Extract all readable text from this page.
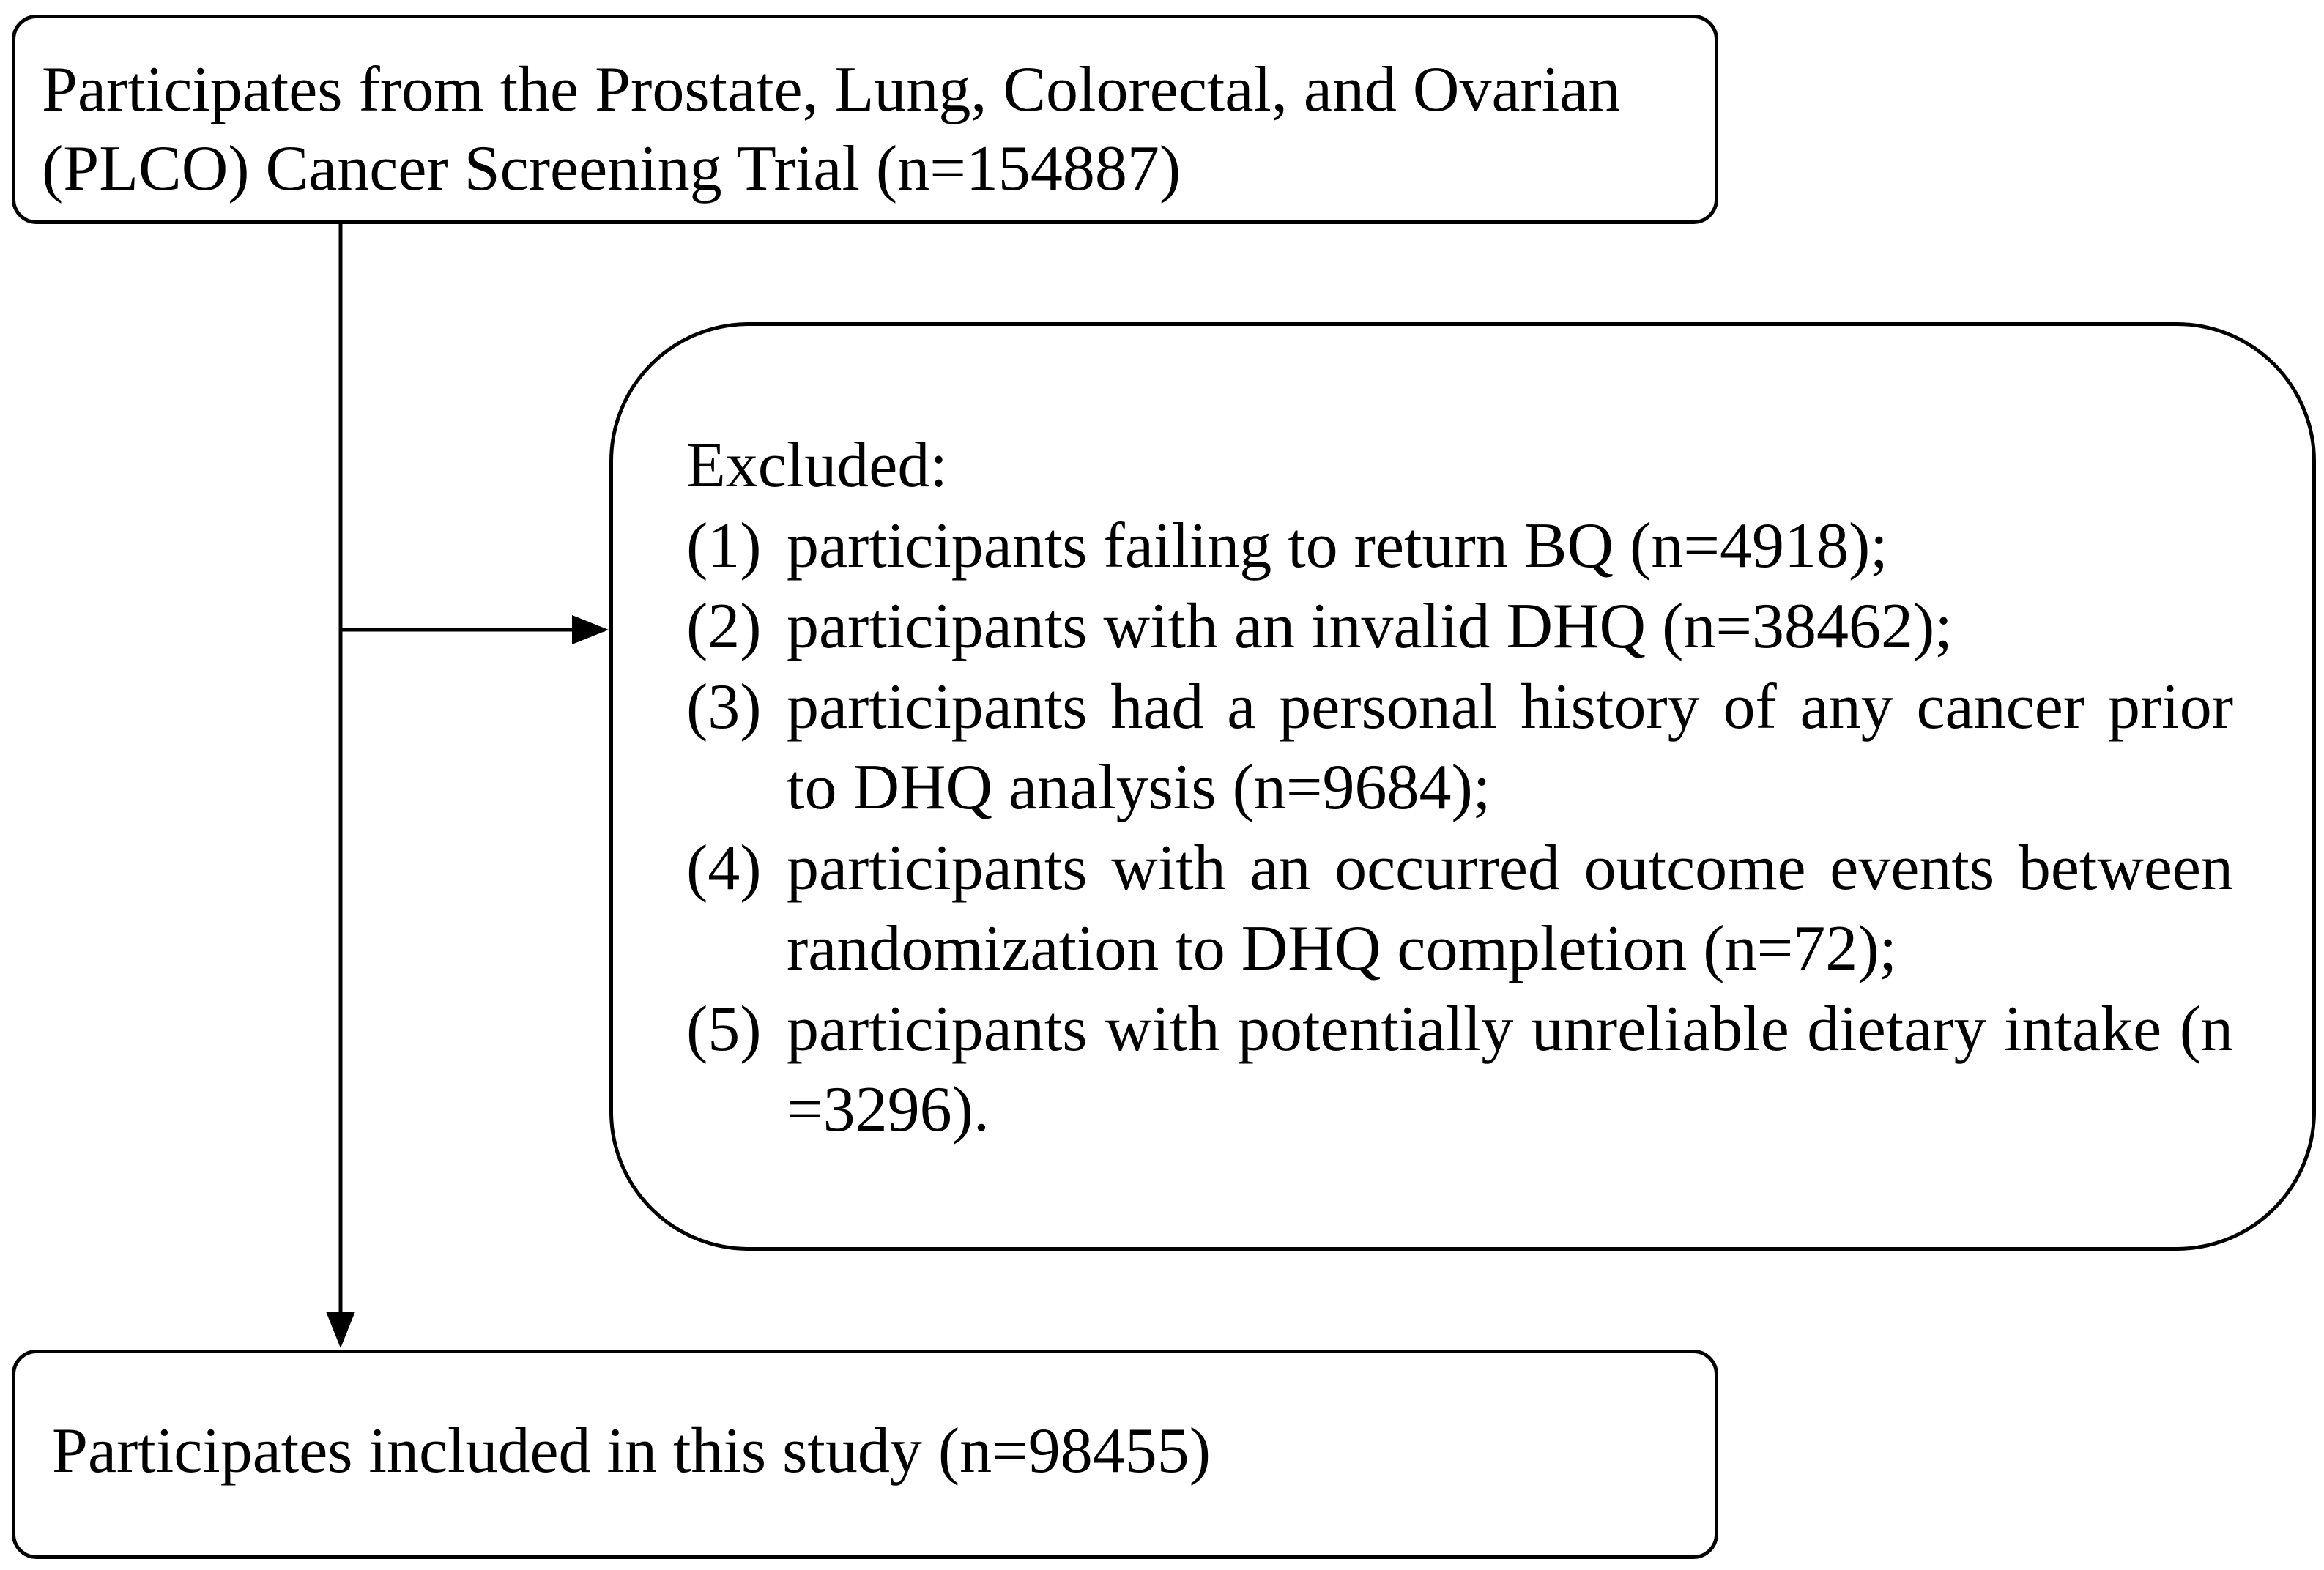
Participates from the Prostate, Lung, Colorectal, and Ovarian
(PLCO) Cancer Screening Trial (n=154887)
Excluded:
(1) participants failing to return BQ (n=4918);
(2) participants with an invalid DHQ (n=38462);
(3) participants had a personal history of any cancer prior to DHQ analysis (n=9684);
(4) participants with an occurred outcome events between randomization to DHQ completion (n=72);
(5) participants with potentially unreliable dietary intake (n =3296).
Participates included in this study (n=98455)
